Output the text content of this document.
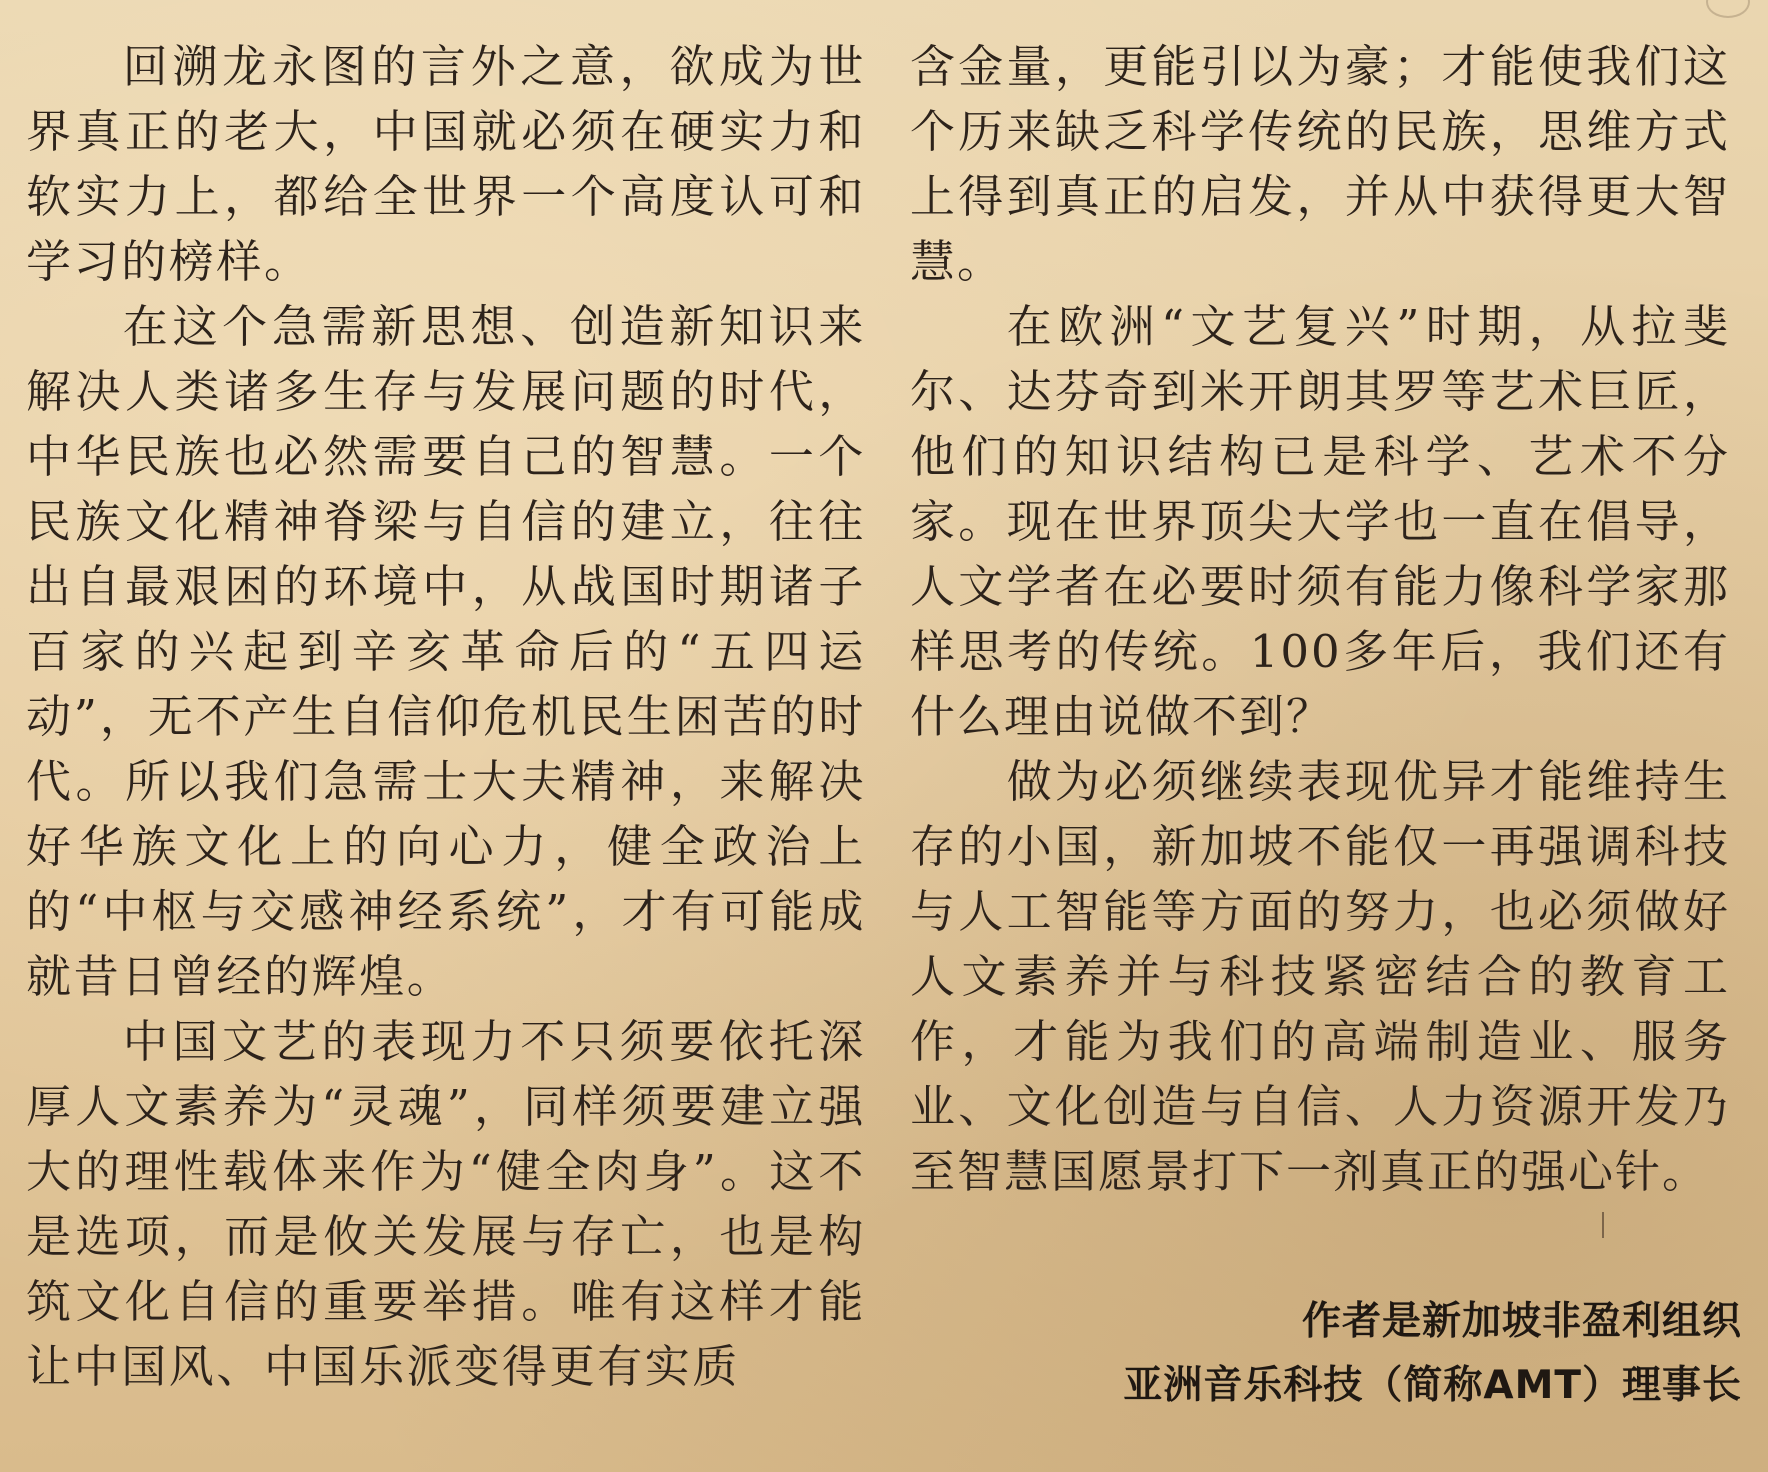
回溯龙永图的言外之意，欲成为世界真正的老大，中国就必须在硬实力和软实力上，都给全世界一个高度认可和学习的榜样。

在这个急需新思想、创造新知识来解决人类诸多生存与发展问题的时代，中华民族也必然需要自己的智慧。一个民族文化精神脊梁与自信的建立，往往出自最艰困的环境中，从战国时期诸子百家的兴起到辛亥革命后的“五四运动”，无不产生自信仰危机民生困苦的时代。所以我们急需士大夫精神，来解决好华族文化上的向心力，健全政治上的“中枢与交感神经系统”，才有可能成就昔日曾经的辉煌。

中国文艺的表现力不只须要依托深厚人文素养为“灵魂”，同样须要建立强大的理性载体来作为“健全肉身”。这不是选项，而是攸关发展与存亡，也是构筑文化自信的重要举措。唯有这样才能让中国风、中国乐派变得更有实质

含金量，更能引以为豪；才能使我们这个历来缺乏科学传统的民族，思维方式上得到真正的启发，并从中获得更大智慧。

在欧洲“文艺复兴”时期，从拉斐尔、达芬奇到米开朗其罗等艺术巨匠，他们的知识结构已是科学、艺术不分家。现在世界顶尖大学也一直在倡导，人文学者在必要时须有能力像科学家那样思考的传统。100多年后，我们还有什么理由说做不到？

做为必须继续表现优异才能维持生存的小国，新加坡不能仅一再强调科技与人工智能等方面的努力，也必须做好人文素养并与科技紧密结合的教育工作，才能为我们的高端制造业、服务业、文化创造与自信、人力资源开发乃至智慧国愿景打下一剂真正的强心针。

作者是新加坡非盈利组织
亚洲音乐科技（简称AMT）理事长
